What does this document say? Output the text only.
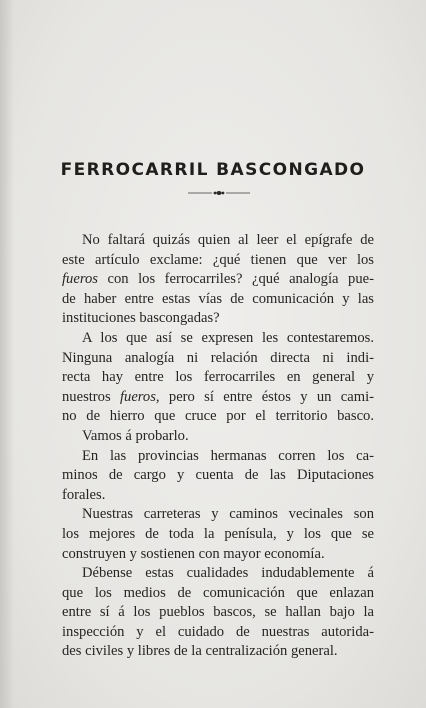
FERROCARRIL BASCONGADO
No faltará quizás quien al leer el epígrafe de
este artículo exclame: ¿qué tienen que ver los
fueros con los ferrocarriles? ¿qué analogía pue-
de haber entre estas vías de comunicación y las
instituciones bascongadas?
A los que así se expresen les contestaremos.
Ninguna analogía ni relación directa ni indi-
recta hay entre los ferrocarriles en general y
nuestros fueros, pero sí entre éstos y un cami-
no de hierro que cruce por el territorio basco.
Vamos á probarlo.
En las provincias hermanas corren los ca-
minos de cargo y cuenta de las Diputaciones
forales.
Nuestras carreteras y caminos vecinales son
los mejores de toda la penísula, y los que se
construyen y sostienen con mayor economía.
Débense estas cualidades indudablemente á
que los medios de comunicación que enlazan
entre sí á los pueblos bascos, se hallan bajo la
inspección y el cuidado de nuestras autorida-
des civiles y libres de la centralización general.
